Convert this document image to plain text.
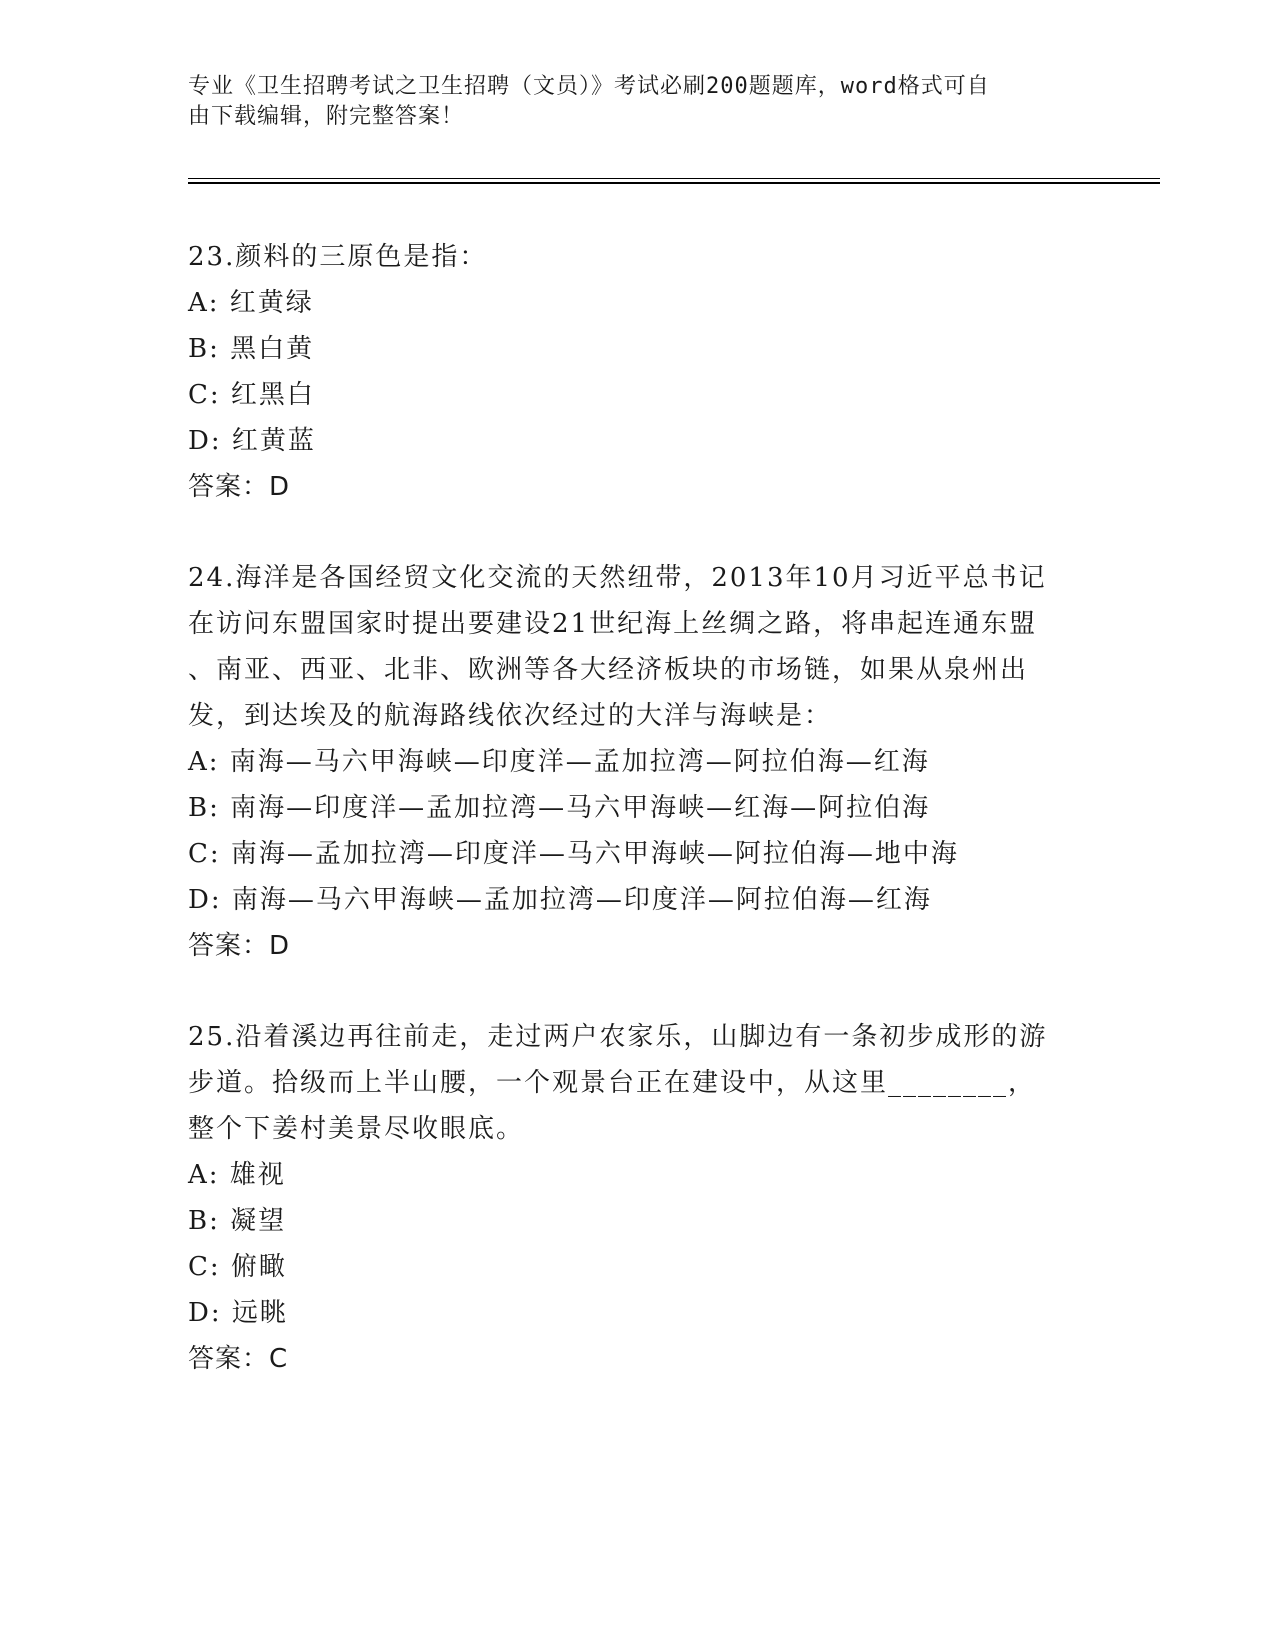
专业《卫生招聘考试之卫生招聘（文员）》考试必刷200题题库，word格式可自
由下载编辑，附完整答案！

23.颜料的三原色是指：

A: 红黄绿

B: 黑白黄

C: 红黑白

D: 红黄蓝

答案：D

24.海洋是各国经贸文化交流的天然纽带，2013年10月习近平总书记

在访问东盟国家时提出要建设21世纪海上丝绸之路，将串起连通东盟

、南亚、西亚、北非、欧洲等各大经济板块的市场链，如果从泉州出

发，到达埃及的航海路线依次经过的大洋与海峡是：

A: 南海—马六甲海峡—印度洋—孟加拉湾—阿拉伯海—红海

B: 南海—印度洋—孟加拉湾—马六甲海峡—红海—阿拉伯海

C: 南海—孟加拉湾—印度洋—马六甲海峡—阿拉伯海—地中海

D: 南海—马六甲海峡—孟加拉湾—印度洋—阿拉伯海—红海

答案：D

25.沿着溪边再往前走，走过两户农家乐，山脚边有一条初步成形的游

步道。拾级而上半山腰，一个观景台正在建设中，从这里________，

整个下姜村美景尽收眼底。

A: 雄视

B: 凝望

C: 俯瞰

D: 远眺

答案：C
